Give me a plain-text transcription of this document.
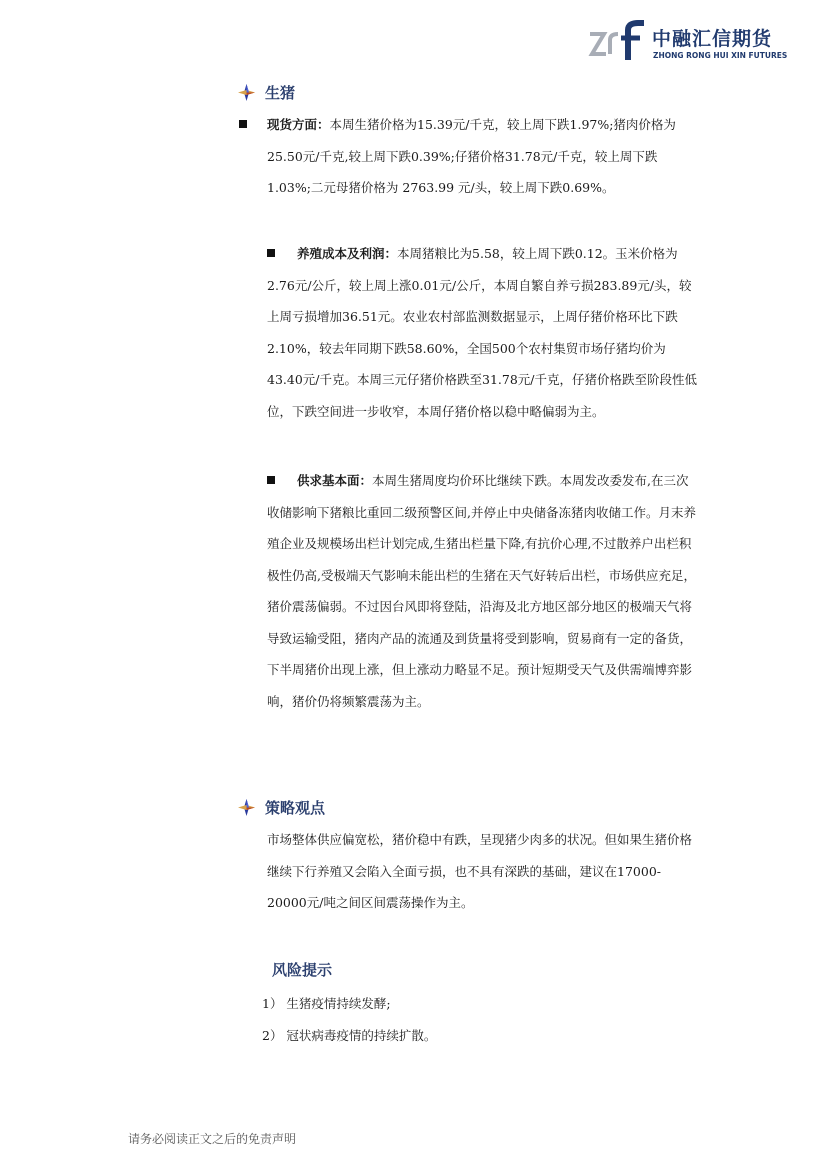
中融汇信期货
ZHONG RONG HUI XIN FUTURES
生猪
现货方面：本周生猪价格为15.39元/千克，较上周下跌1.97%;猪肉价格为25.50元/千克,较上周下跌0.39%;仔猪价格31.78元/千克，较上周下跌 1.03%;二元母猪价格为 2763.99 元/头，较上周下跌0.69%。
养殖成本及利润：本周猪粮比为5.58，较上周下跌0.12。玉米价格为2.76元/公斤，较上周上涨0.01元/公斤，本周自繁自养亏损283.89元/头，较上周亏损增加36.51元。农业农村部监测数据显示，上周仔猪价格环比下跌2.10%，较去年同期下跌58.60%，全国500个农村集贸市场仔猪均价为43.40元/千克。本周三元仔猪价格跌至31.78元/千克，仔猪价格跌至阶段性低位，下跌空间进一步收窄，本周仔猪价格以稳中略偏弱为主。
供求基本面：本周生猪周度均价环比继续下跌。本周发改委发布,在三次收储影响下猪粮比重回二级预警区间,并停止中央储备冻猪肉收储工作。月末养殖企业及规模场出栏计划完成,生猪出栏量下降,有抗价心理,不过散养户出栏积极性仍高,受极端天气影响未能出栏的生猪在天气好转后出栏，市场供应充足，猪价震荡偏弱。不过因台风即将登陆，沿海及北方地区部分地区的极端天气将导致运输受阻，猪肉产品的流通及到货量将受到影响，贸易商有一定的备货，下半周猪价出现上涨，但上涨动力略显不足。预计短期受天气及供需端博弈影响，猪价仍将频繁震荡为主。
策略观点
市场整体供应偏宽松，猪价稳中有跌，呈现猪少肉多的状况。但如果生猪价格继续下行养殖又会陷入全面亏损，也不具有深跌的基础，建议在17000-20000元/吨之间区间震荡操作为主。
风险提示
1） 生猪疫情持续发酵;
2） 冠状病毒疫情的持续扩散。
请务必阅读正文之后的免责声明
